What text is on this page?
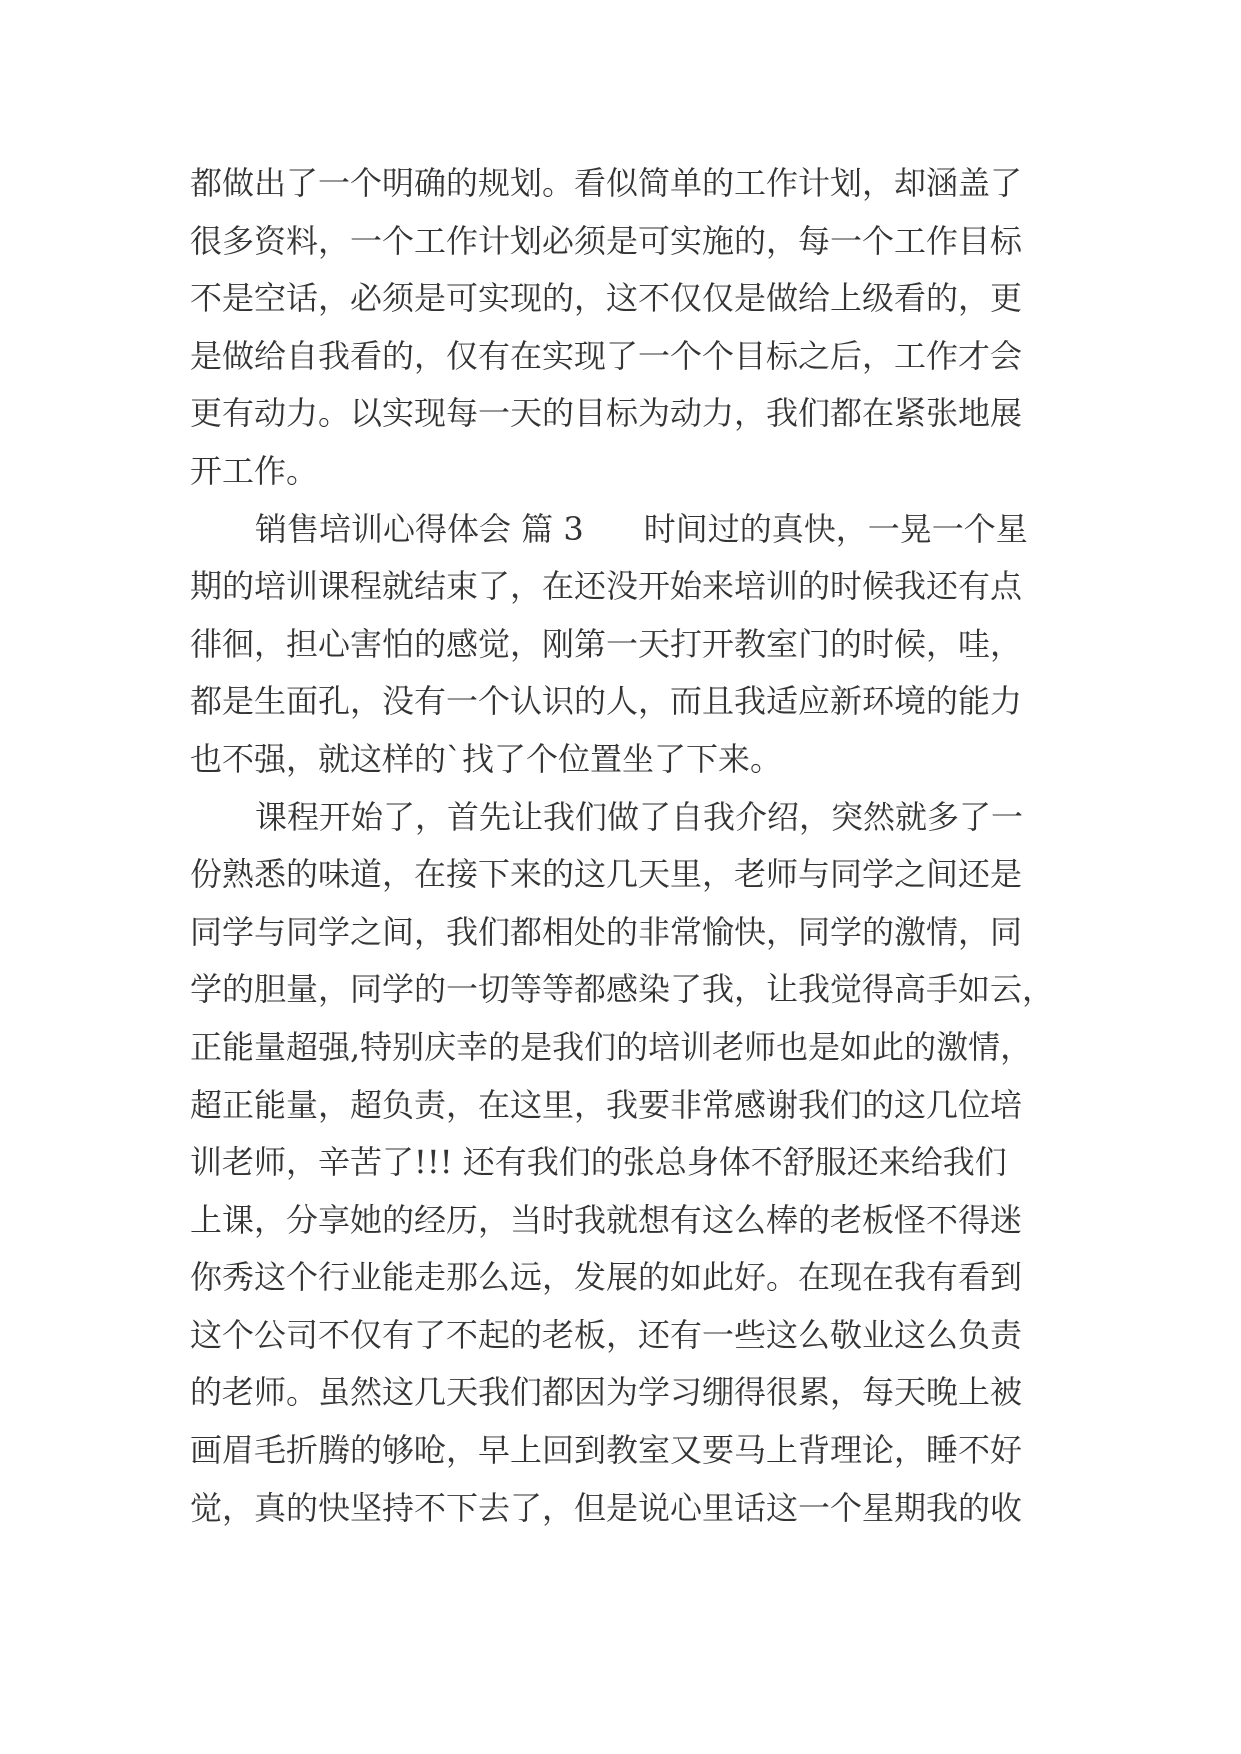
都做出了一个明确的规划。看似简单的工作计划，却涵盖了
很多资料，一个工作计划必须是可实施的，每一个工作目标
不是空话，必须是可实现的，这不仅仅是做给上级看的，更
是做给自我看的，仅有在实现了一个个目标之后，工作才会
更有动力。以实现每一天的目标为动力，我们都在紧张地展
开工作。
销售培训心得体会 篇 3 时间过的真快，一晃一个星
期的培训课程就结束了，在还没开始来培训的时候我还有点
徘徊，担心害怕的感觉，刚第一天打开教室门的时候，哇，
都是生面孔，没有一个认识的人，而且我适应新环境的能力
也不强，就这样的`找了个位置坐了下来。
课程开始了，首先让我们做了自我介绍，突然就多了一
份熟悉的味道，在接下来的这几天里，老师与同学之间还是
同学与同学之间，我们都相处的非常愉快，同学的激情，同
学的胆量，同学的一切等等都感染了我，让我觉得高手如云，
正能量超强,特别庆幸的是我们的培训老师也是如此的激情，
超正能量，超负责，在这里，我要非常感谢我们的这几位培
训老师，辛苦了!!! 还有我们的张总身体不舒服还来给我们
上课，分享她的经历，当时我就想有这么棒的老板怪不得迷
你秀这个行业能走那么远，发展的如此好。在现在我有看到
这个公司不仅有了不起的老板，还有一些这么敬业这么负责
的老师。虽然这几天我们都因为学习绷得很累，每天晚上被
画眉毛折腾的够呛，早上回到教室又要马上背理论，睡不好
觉，真的快坚持不下去了，但是说心里话这一个星期我的收
